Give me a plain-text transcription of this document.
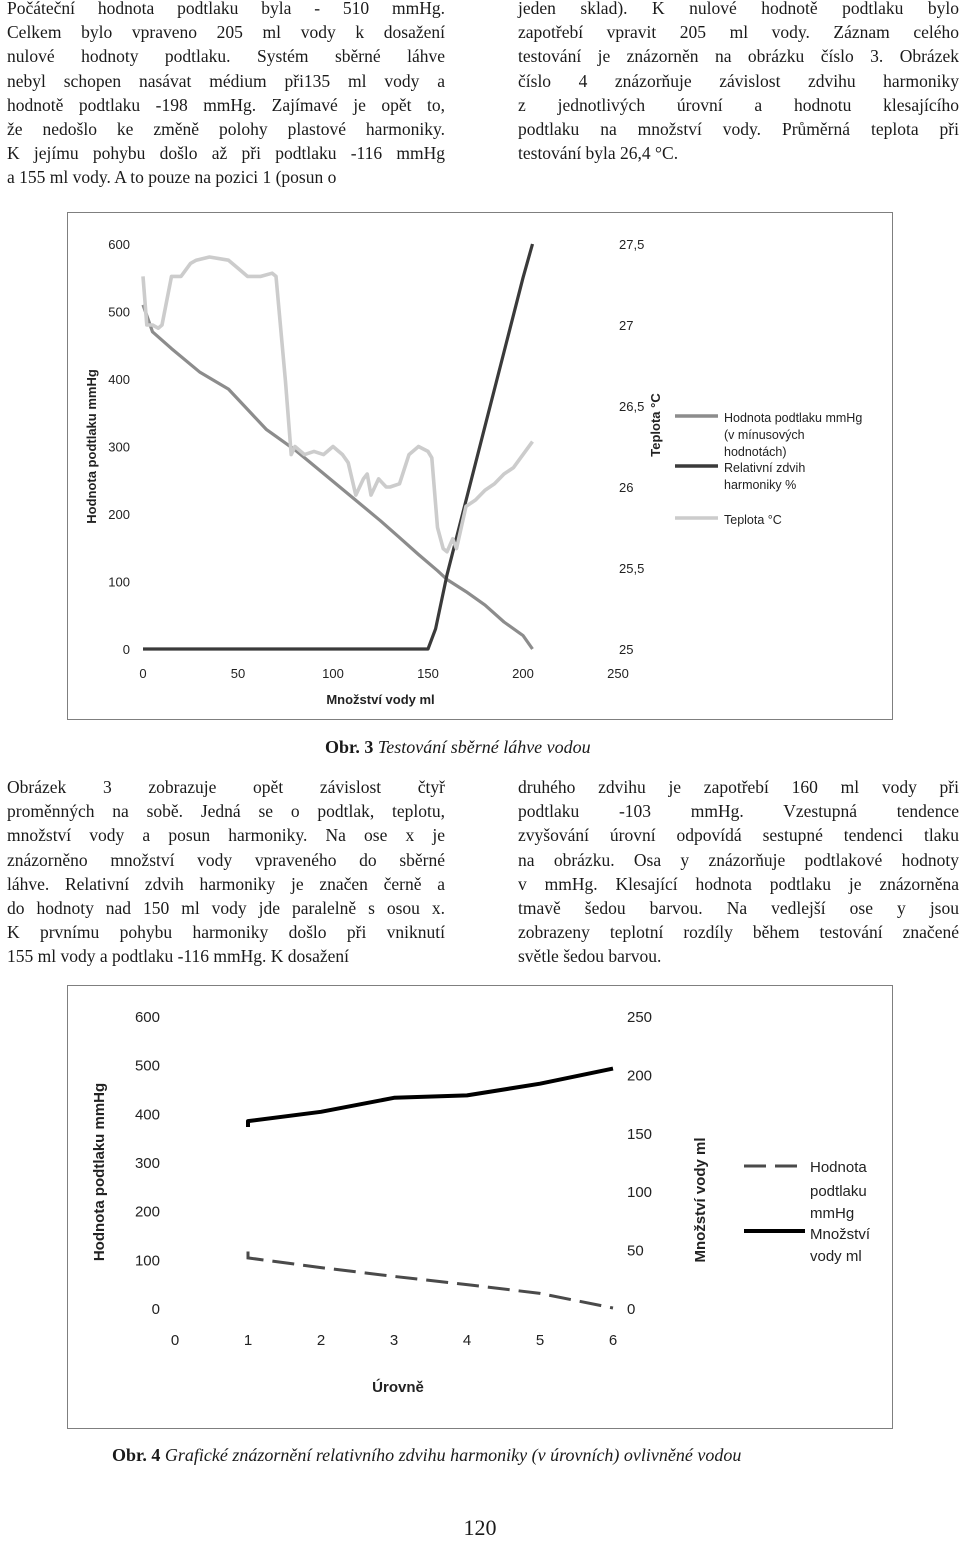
Počáteční hodnota podtlaku byla - 510 mmHg.
Celkem bylo vpraveno 205 ml vody k dosažení
nulové hodnoty podtlaku. Systém sběrné láhve
nebyl schopen nasávat médium při135 ml vody a
hodnotě podtlaku -198 mmHg. Zajímavé je opět to,
že nedošlo ke změně polohy plastové harmoniky.
K jejímu pohybu došlo až při podtlaku -116 mmHg
a 155 ml vody. A to pouze na pozici 1 (posun o
jeden sklad). K nulové hodnotě podtlaku bylo
zapotřebí vpravit 205 ml vody. Záznam celého
testování je znázorněn na obrázku číslo 3. Obrázek
číslo 4 znázorňuje závislost zdvihu harmoniky
z jednotlivých úrovní a hodnotu klesajícího
podtlaku na množství vody. Průměrná teplota při
testování byla 26,4 °C.
0
100
200
300
400
500
600
25
25,5
26
26,5
27
27,5
0	50	100	150	200	250
Množství vody ml
Hodnota podtlaku mmHg	Teplota °C	Hodnota podtlaku mmHg
(v mínusových
hodnotách)
Relativní zdvih
harmoniky %
Teplota °C
Obr. 3 Testování sběrné láhve vodou
Obrázek 3 zobrazuje opět závislost čtyř
proměnných na sobě. Jedná se o podtlak, teplotu,
množství vody a posun harmoniky. Na ose x je
znázorněno množství vody vpraveného do sběrné
láhve. Relativní zdvih harmoniky je značen černě a
do hodnoty nad 150 ml vody jde paralelně s osou x.
K prvnímu pohybu harmoniky došlo při vniknutí
155 ml vody a podtlaku -116 mmHg. K dosažení
druhého zdvihu je zapotřebí 160 ml vody při
podtlaku -103 mmHg. Vzestupná tendence
zvyšování úrovní odpovídá sestupné tendenci tlaku
na obrázku. Osa y znázorňuje podtlakové hodnoty
v mmHg. Klesající hodnota podtlaku je znázorněna
tmavě šedou barvou. Na vedlejší ose y jsou
zobrazeny teplotní rozdíly během testování značené
světle šedou barvou.
0
100
200
300
400
500
600
0
50
100
150
200
250
0	1	2	3	4	5	6
Úrovně
Hodnota podtlaku mmHg	Množství vody ml	Hodnota
podtlaku
mmHg
Množství
vody ml
Obr. 4 Grafické znázornění relativního zdvihu harmoniky (v úrovních) ovlivněné vodou
120
